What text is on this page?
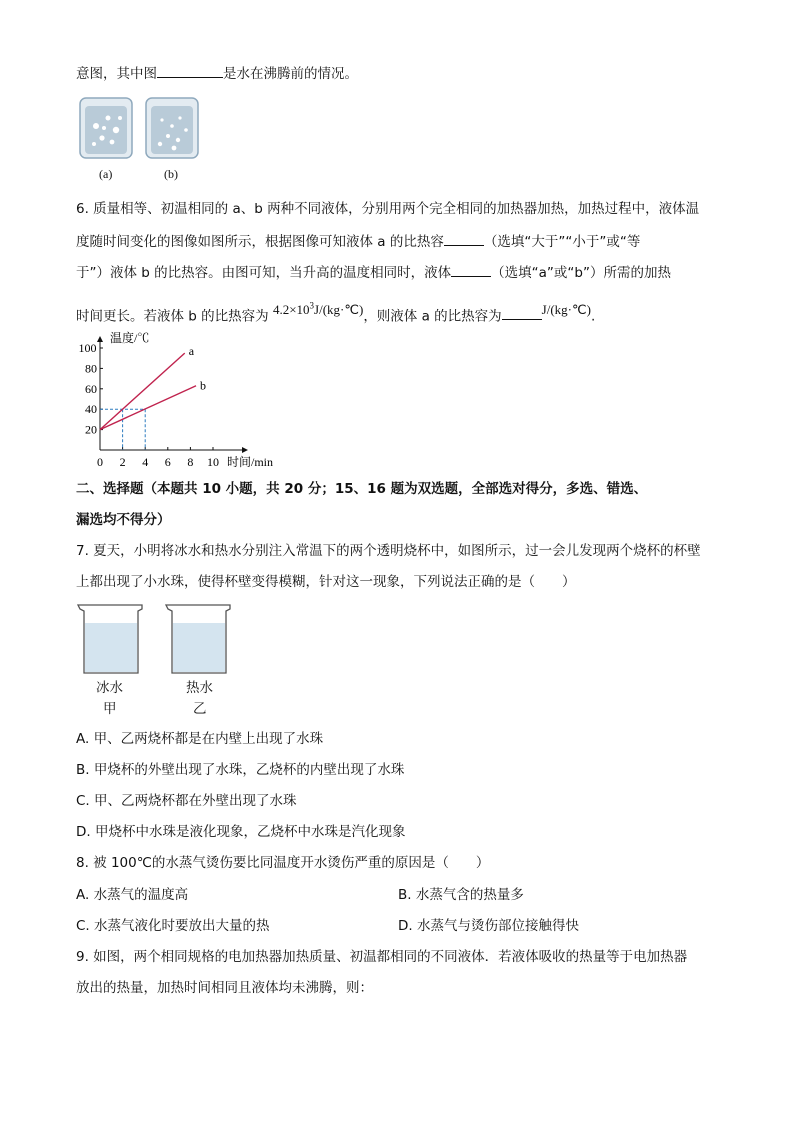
意图，其中图	是水在沸腾前的情况。
(a)	(b)
6. 质量相等、初温相同的 a、b 两种不同液体，分别用两个完全相同的加热器加热，加热过程中，液体温
度随时间变化的图像如图所示，根据图像可知液体 a 的比热容	（选填“大于”“小于”或“等
于”）液体 b 的比热容。由图可知，当升高的温度相同时，液体	（选填“a”或“b”）所需的加热
时间更长。若液体 b 的比热容为 $4.2\times 10^3J/(kg\cdot℃)$，则液体 a 的比热容为	J/(kg·℃).
温度/℃
时间/min
0 2 4 6 8 10
20
40
60
80
100	a
b
二、选择题（本题共 10 小题，共 20 分；15、16 题为双选题，全部选对得分，多选、错选、
漏选均不得分）
7. 夏天，小明将冰水和热水分别注入常温下的两个透明烧杯中，如图所示，过一会儿发现两个烧杯的杯壁
上都出现了小水珠，使得杯壁变得模糊，针对这一现象，下列说法正确的是（　　）
冰水
甲
热水
乙
A. 甲、乙两烧杯都是在内壁上出现了水珠
B. 甲烧杯的外壁出现了水珠，乙烧杯的内壁出现了水珠
C. 甲、乙两烧杯都在外壁出现了水珠
D. 甲烧杯中水珠是液化现象，乙烧杯中水珠是汽化现象
8. 被 100℃的水蒸气烫伤要比同温度开水烫伤严重的原因是（　　）
A. 水蒸气的温度高	B. 水蒸气含的热量多
C. 水蒸气液化时要放出大量的热	D. 水蒸气与烫伤部位接触得快
9. 如图，两个相同规格的电加热器加热质量、初温都相同的不同液体．若液体吸收的热量等于电加热器
放出的热量，加热时间相同且液体均未沸腾，则：
